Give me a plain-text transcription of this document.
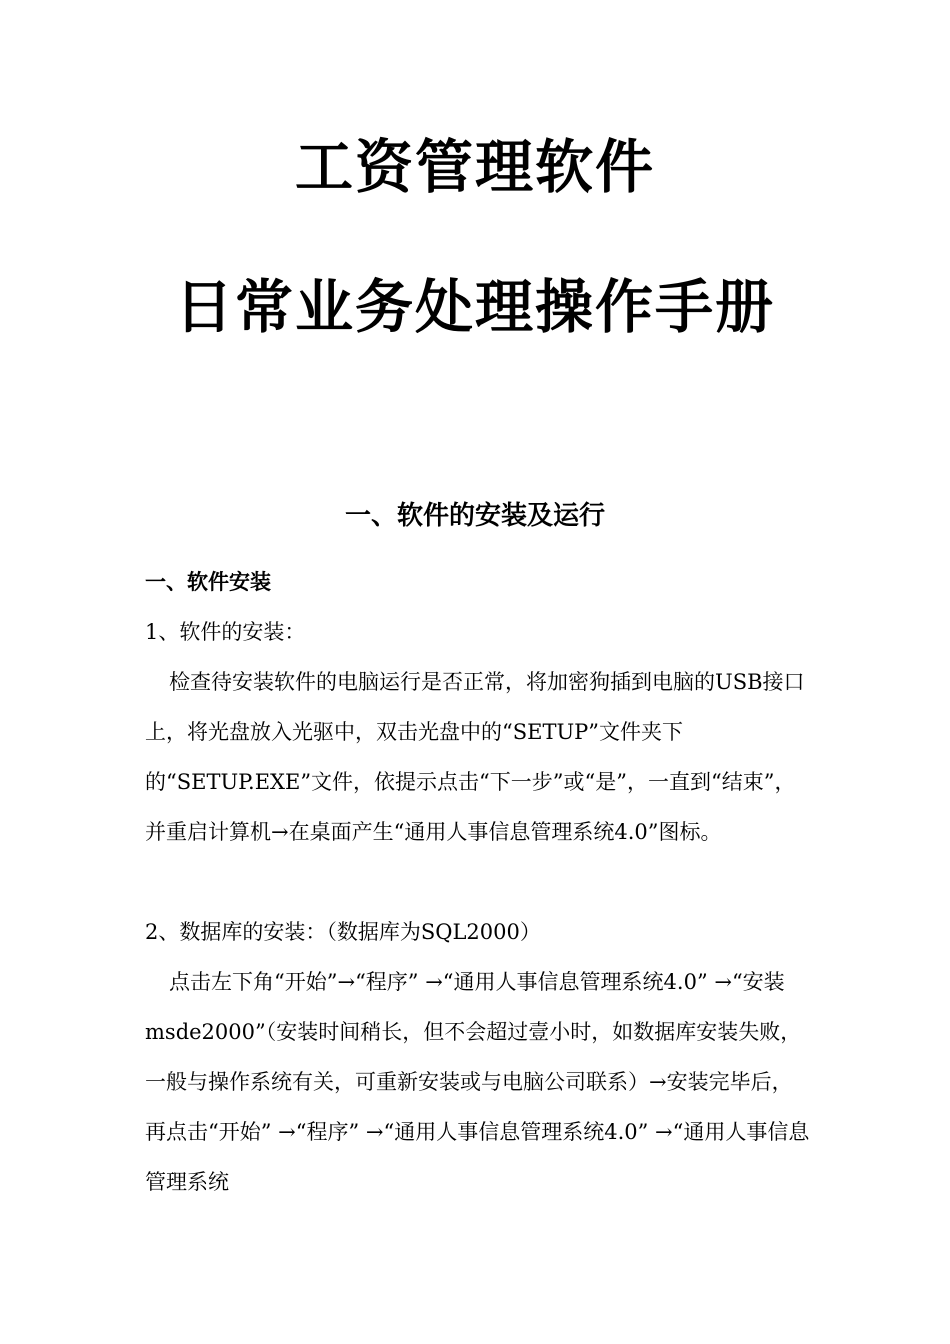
工资管理软件
日常业务处理操作手册
一、软件的安装及运行

一、软件安装

1、软件的安装：

检查待安装软件的电脑运行是否正常，将加密狗插到电脑的USB接口上，将光盘放入光驱中，双击光盘中的“SETUP”文件夹下的“SETUP.EXE”文件，依提示点击“下一步”或“是”，一直到“结束”，并重启计算机→在桌面产生“通用人事信息管理系统4.0”图标。

2、数据库的安装：（数据库为SQL2000）

点击左下角“开始”→“程序” →“通用人事信息管理系统4.0” →“安装msde2000”（安装时间稍长，但不会超过壹小时，如数据库安装失败，一般与操作系统有关，可重新安装或与电脑公司联系）→安装完毕后，再点击“开始” →“程序” →“通用人事信息管理系统4.0” →“通用人事信息管理系统
